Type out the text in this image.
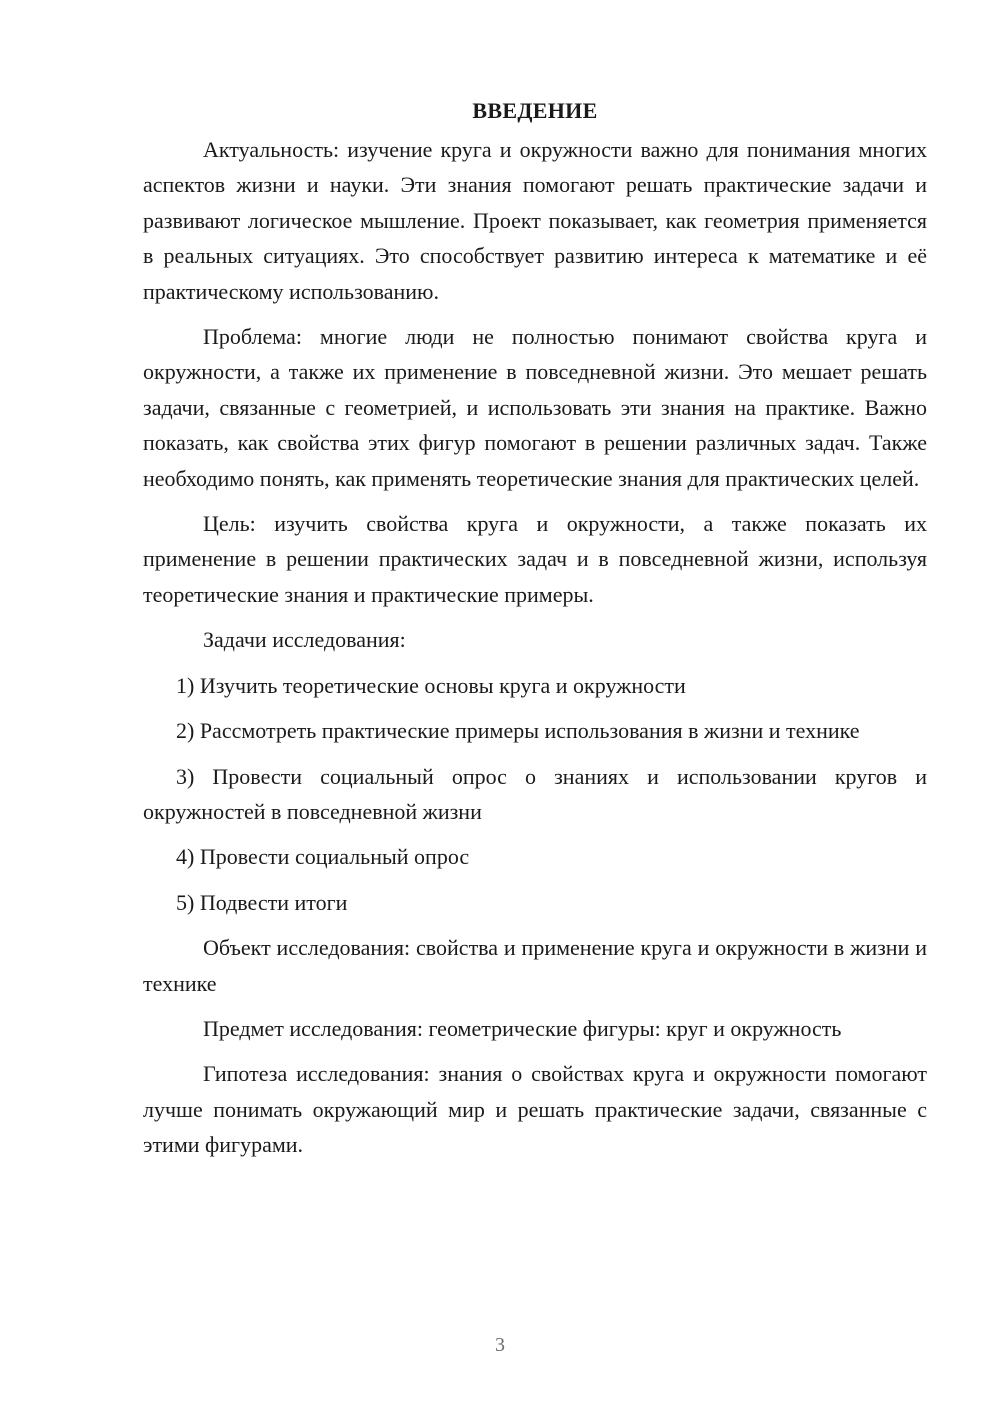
ВВЕДЕНИЕ

Актуальность: изучение круга и окружности важно для понимания многих аспектов жизни и науки. Эти знания помогают решать практические задачи и развивают логическое мышление. Проект показывает, как геометрия применяется в реальных ситуациях. Это способствует развитию интереса к математике и её практическому использованию.

Проблема: многие люди не полностью понимают свойства круга и окружности, а также их применение в повседневной жизни. Это мешает решать задачи, связанные с геометрией, и использовать эти знания на практике. Важно показать, как свойства этих фигур помогают в решении различных задач. Также необходимо понять, как применять теоретические знания для практических целей.

Цель: изучить свойства круга и окружности, а также показать их применение в решении практических задач и в повседневной жизни, используя теоретические знания и практические примеры.

Задачи исследования:

1) Изучить теоретические основы круга и окружности

2) Рассмотреть практические примеры использования в жизни и технике

3) Провести социальный опрос о знаниях и использовании кругов и окружностей в повседневной жизни

4) Провести социальный опрос

5) Подвести итоги

Объект исследования: свойства и применение круга и окружности в жизни и технике

Предмет исследования: геометрические фигуры: круг и окружность

Гипотеза исследования: знания о свойствах круга и окружности помогают лучше понимать окружающий мир и решать практические задачи, связанные с этими фигурами.

3
